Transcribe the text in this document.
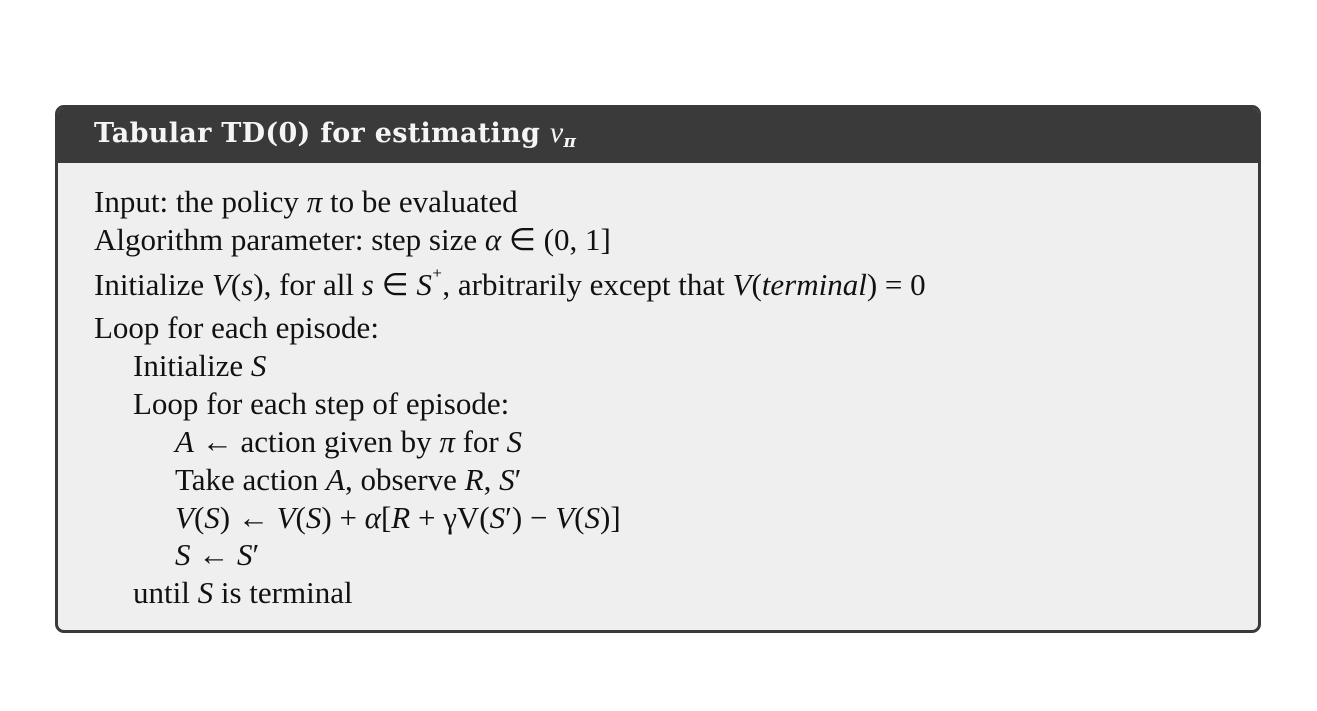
Tabular TD(0) for estimating $v_\pi$
Input: the policy π to be evaluated
Algorithm parameter: step size α ∈ (0, 1]
Initialize V(s), for all s ∈ S⁺, arbitrarily except that V(terminal) = 0
Loop for each episode:
Initialize S
Loop for each step of episode:
A ← action given by π for S
Take action A, observe R, S′
V(S) ← V(S) + α[R + γV(S′) − V(S)]
S ← S′
until S is terminal
